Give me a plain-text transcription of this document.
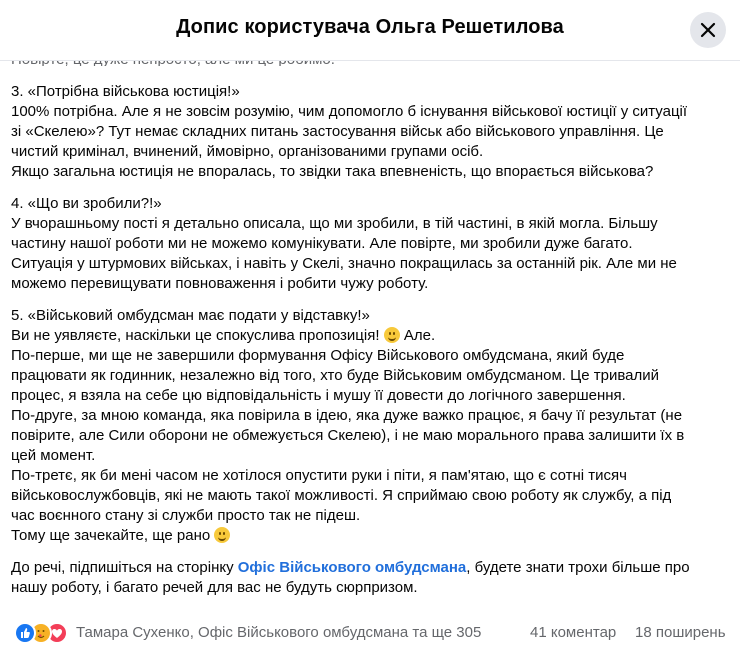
Допис користувача Ольга Решетилова

3. «Потрібна військова юстиція!»

100% потрібна. Але я не зовсім розумію, чим допомогло б існування військової юстиції у ситуації

зі «Скелею»? Тут немає складних питань застосування військ або військового управління. Це

чистий кримінал, вчинений, ймовірно, організованими групами осіб.

Якщо загальна юстиція не впоралась, то звідки така впевненість, що впорається військова?

4. «Що ви зробили?!»

У вчорашньому пості я детально описала, що ми зробили, в тій частині, в якій могла. Більшу

частину нашої роботи ми не можемо комунікувати. Але повірте, ми зробили дуже багато.

Ситуація у штурмових військах, і навіть у Скелі, значно покращилась за останній рік. Але ми не

можемо перевищувати повноваження і робити чужу роботу.

5. «Військовий омбудсман має подати у відставку!»

Ви не уявляєте, наскільки це спокуслива пропозиція! Але.

По-перше, ми ще не завершили формування Офісу Військового омбудсмана, який буде

працювати як годинник, незалежно від того, хто буде Військовим омбудсманом. Це тривалий

процес, я взяла на себе цю відповідальність і мушу її довести до логічного завершення.

По-друге, за мною команда, яка повірила в ідею, яка дуже важко працює, я бачу її результат (не

повірите, але Сили оборони не обмежується Скелею), і не маю морального права залишити їх в

цей момент.

По-третє, як би мені часом не хотілося опустити руки і піти, я пам'ятаю, що є сотні тисяч

військовослужбовців, які не мають такої можливості. Я сприймаю свою роботу як службу, а під

час воєнного стану зі служби просто так не підеш.

Тому ще зачекайте, ще рано

До речі, підпишіться на сторінку Офіс Військового омбудсмана, будете знати трохи більше про

нашу роботу, і багато речей для вас не будуть сюрпризом.

Тамара Сухенко, Офіс Військового омбудсмана та ще 305	41 коментар 18 поширень
